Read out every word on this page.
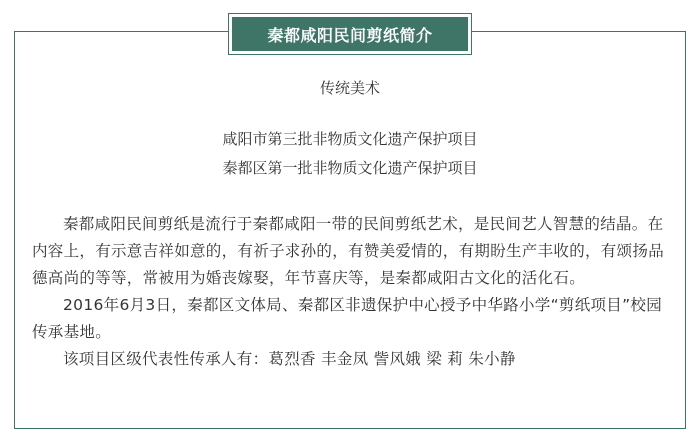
秦都咸阳民间剪纸简介
传统美术
咸阳市第三批非物质文化遗产保护项目
秦都区第一批非物质文化遗产保护项目

秦都咸阳民间剪纸是流行于秦都咸阳一带的民间剪纸艺术，是民间艺人智慧的结晶。在内容上，有示意吉祥如意的，有祈子求孙的，有赞美爱情的，有期盼生产丰收的，有颂扬品德高尚的等等，常被用为婚丧嫁娶，年节喜庆等，是秦都咸阳古文化的活化石。

2016年6月3日，秦都区文体局、秦都区非遗保护中心授予中华路小学“剪纸项目”校园传承基地。

该项目区级代表性传承人有：葛烈香 丰金凤 訾风娥 梁 莉 朱小静
